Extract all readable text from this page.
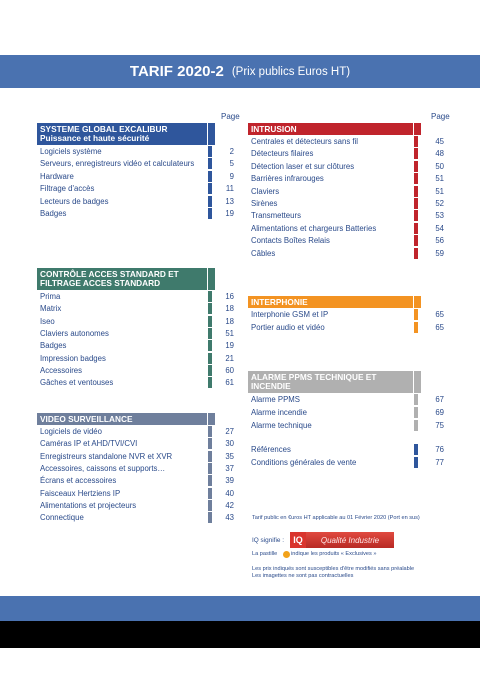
TARIF 2020-2 (Prix publics Euros HT)
Page	Page
SYSTEME GLOBAL EXCALIBUR
Puissance et haute sécurité
Logiciels système	2
Serveurs, enregistreurs vidéo et calculateurs	5
Hardware	9
Filtrage d'accès	11
Lecteurs de badges	13
Badges	19
CONTRÔLE ACCES STANDARD ET
FILTRAGE ACCES STANDARD
Prima	16
Matrix	18
Iseo	18
Claviers autonomes	51
Badges	19
Impression badges	21
Accessoires	60
Gâches et ventouses	61
VIDEO SURVEILLANCE
Logiciels de vidéo	27
Caméras IP et AHD/TVI/CVI	30
Enregistreurs standalone NVR et XVR	35
Accessoires, caissons et supports…	37
Écrans et accessoires	39
Faisceaux Hertziens IP	40
Alimentations et projecteurs	42
Connectique	43
INTRUSION
Centrales et détecteurs sans fil	45
Détecteurs filaires	48
Détection laser et sur clôtures	50
Barrières infrarouges	51
Claviers	51
Sirènes	52
Transmetteurs	53
Alimentations et chargeurs Batteries	54
Contacts Boîtes Relais	56
Câbles	59
INTERPHONIE
Interphonie GSM et IP	65
Portier audio et vidéo	65
ALARME PPMS TECHNIQUE ET
INCENDIE
Alarme PPMS	67
Alarme incendie	69
Alarme technique	75
Références	76
Conditions générales de vente	77
Tarif public en €uros HT applicable au 01 Février 2020 (Port en sus)
IQ signifie :	IQ	Qualité Industrie
La pastille indique les produits « Exclusives »
Les prix indiqués sont susceptibles d'être modifiés sans préalable
Les imagettes ne sont pas contractuelles
